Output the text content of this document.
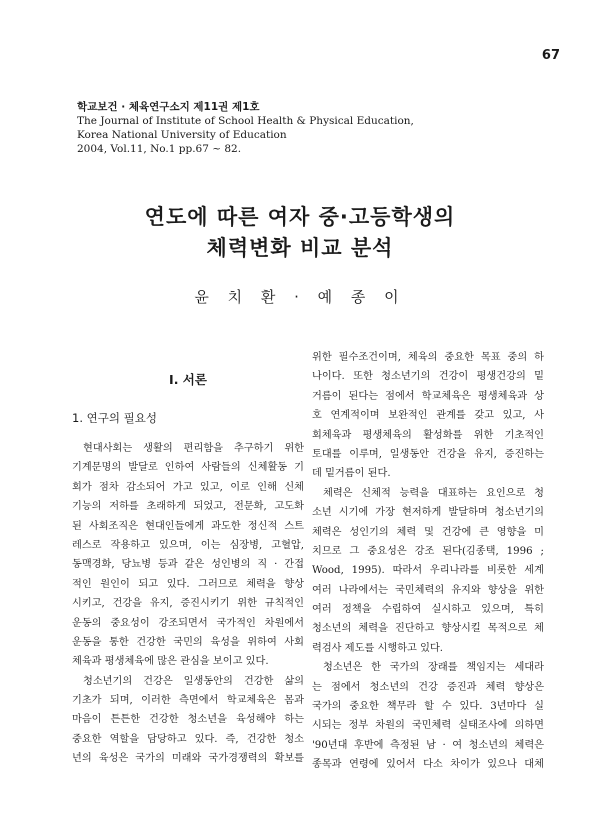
67
학교보건 · 체육연구소지 제11권 제1호
The Journal of Institute of School Health & Physical Education,
Korea National University of Education
2004, Vol.11, No.1 pp.67 ~ 82.
연도에 따른 여자 중·고등학생의
체력변화 비교 분석
윤 치 환 · 예 종 이
Ⅰ. 서론
1. 연구의 필요성
현대사회는 생활의 편리함을 추구하기 위한
기계문명의 발달로 인하여 사람들의 신체활동 기
회가 점차 감소되어 가고 있고, 이로 인해 신체
기능의 저하를 초래하게 되었고, 전문화, 고도화
된 사회조직은 현대인들에게 과도한 정신적 스트
레스로 작용하고 있으며, 이는 심장병, 고혈압,
동맥경화, 당뇨병 등과 같은 성인병의 직 · 간접
적인 원인이 되고 있다. 그러므로 체력을 향상
시키고, 건강을 유지, 증진시키기 위한 규칙적인
운동의 중요성이 강조되면서 국가적인 차원에서
운동을 통한 건강한 국민의 육성을 위하여 사회
체육과 평생체육에 많은 관심을 보이고 있다.
청소년기의 건강은 일생동안의 건강한 삶의
기초가 되며, 이러한 측면에서 학교체육은 몸과
마음이 튼튼한 건강한 청소년을 육성해야 하는
중요한 역할을 담당하고 있다. 즉, 건강한 청소
년의 육성은 국가의 미래와 국가경쟁력의 확보를
위한 필수조건이며, 체육의 중요한 목표 중의 하
나이다. 또한 청소년기의 건강이 평생건강의 밑
거름이 된다는 점에서 학교체육은 평생체육과 상
호 연계적이며 보완적인 관계를 갖고 있고, 사
회체육과 평생체육의 활성화를 위한 기초적인
토대를 이루며, 일생동안 건강을 유지, 증진하는
데 밑거름이 된다.
체력은 신체적 능력을 대표하는 요인으로 청
소년 시기에 가장 현저하게 발달하며 청소년기의
체력은 성인기의 체력 및 건강에 큰 영향을 미
치므로 그 중요성은 강조 된다(김종택, 1996 ;
Wood, 1995). 따라서 우리나라를 비롯한 세계
여러 나라에서는 국민체력의 유지와 향상을 위한
여러 정책을 수립하여 실시하고 있으며, 특히
청소년의 체력을 진단하고 향상시킬 목적으로 체
력검사 제도를 시행하고 있다.
청소년은 한 국가의 장래를 책임지는 세대라
는 점에서 청소년의 건강 증진과 체력 향상은
국가의 중요한 책무라 할 수 있다. 3년마다 실
시되는 정부 차원의 국민체력 실태조사에 의하면
'90년대 후반에 측정된 남 · 여 청소년의 체력은
종목과 연령에 있어서 다소 차이가 있으나 대체
